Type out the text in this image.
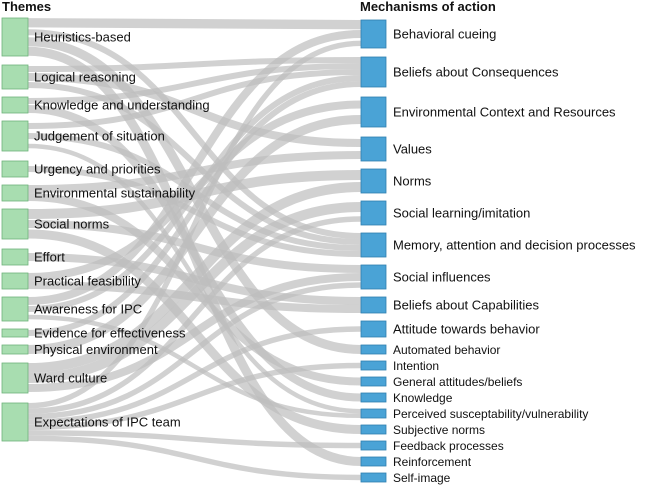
Heuristics-based
Logical reasoning
Knowledge and understanding
Judgement of situation
Urgency and priorities
Environmental sustainability
Social norms
Effort
Practical feasibility
Awareness for IPC
Evidence for effectiveness
Physical environment
Ward culture
Expectations of IPC team
Behavioral cueing
Beliefs about Consequences
Environmental Context and Resources
Values
Norms
Social learning/imitation
Memory, attention and decision processes
Social influences
Beliefs about Capabilities
Attitude towards behavior
Automated behavior
Intention
General attitudes/beliefs
Knowledge
Perceived susceptability/vulnerability
Subjective norms
Feedback processes
Reinforcement
Self-image
Themes	Mechanisms of action
